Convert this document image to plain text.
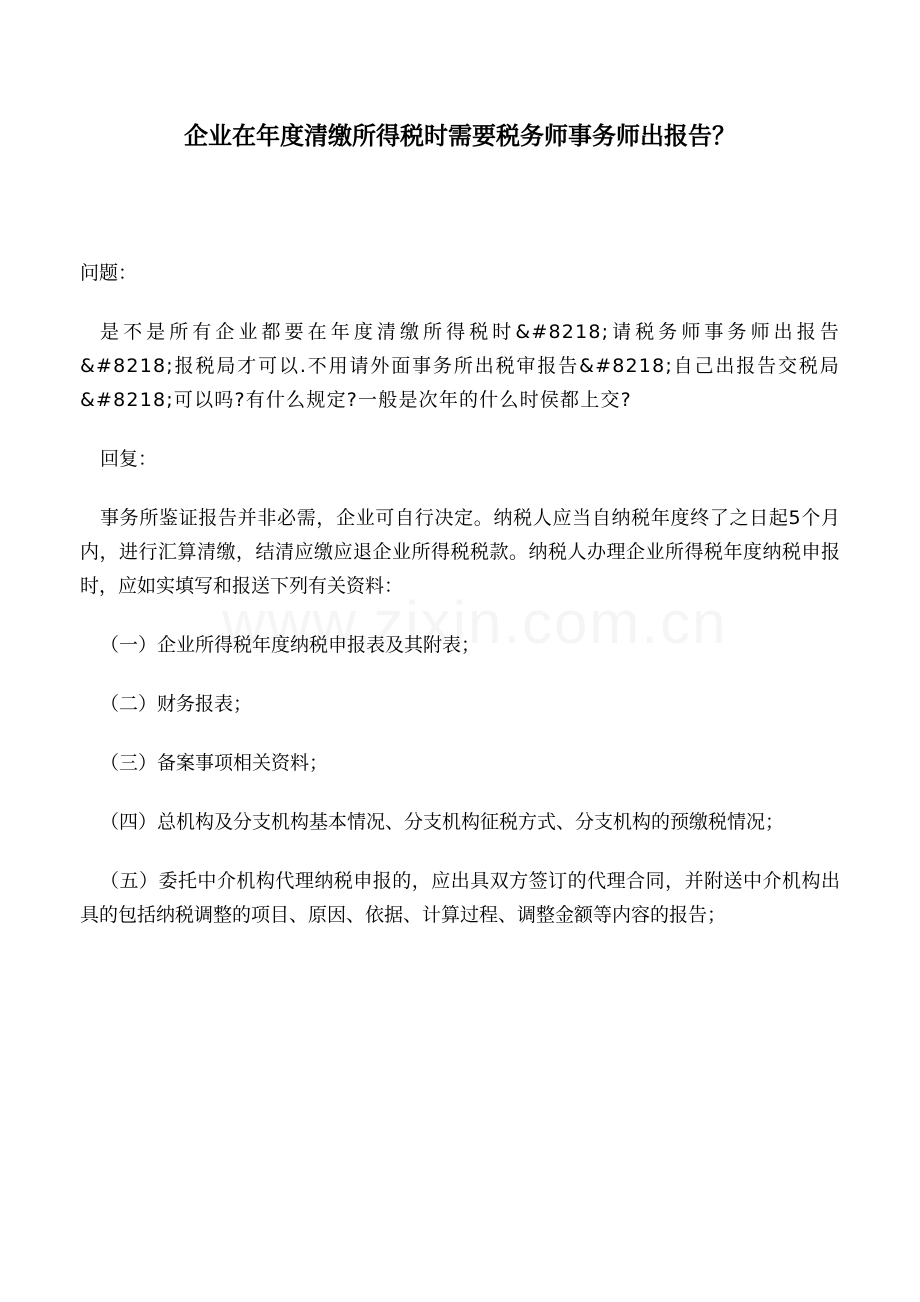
企业在年度清缴所得税时需要税务师事务师出报告？

问题：

是不是所有企业都要在年度清缴所得税时&#8218;请税务师事务师出报告&#8218;报税局才可以.不用请外面事务所出税审报告&#8218;自己出报告交税局&#8218;可以吗?有什么规定?一般是次年的什么时侯都上交?

回复：

事务所鉴证报告并非必需，企业可自行决定。纳税人应当自纳税年度终了之日起5个月内，进行汇算清缴，结清应缴应退企业所得税税款。纳税人办理企业所得税年度纳税申报时，应如实填写和报送下列有关资料：

（一）企业所得税年度纳税申报表及其附表；

（二）财务报表；

（三）备案事项相关资料；

（四）总机构及分支机构基本情况、分支机构征税方式、分支机构的预缴税情况；

（五）委托中介机构代理纳税申报的，应出具双方签订的代理合同，并附送中介机构出具的包括纳税调整的项目、原因、依据、计算过程、调整金额等内容的报告；
